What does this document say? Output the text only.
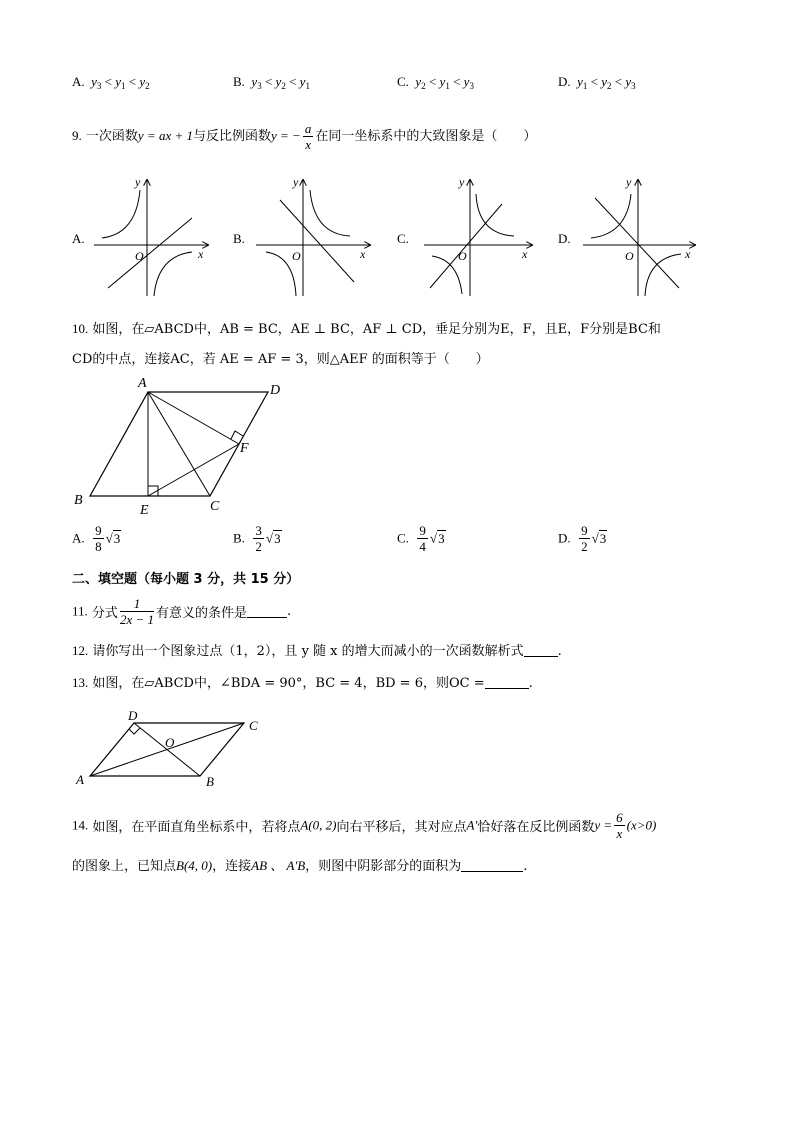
A. $y_3 < y_1 < y_2$	B. $y_3 < y_2 < y_1$	C. $y_2 < y_1 < y_3$	D. $y_1 < y_2 < y_3$
9. 一次函数y = ax + 1与反比例函数y = − $\frac{a}{x}$ 在同一坐标系中的大致图象是（　　）
A.
y
x
O
B.
y
x
O
C.
y
x
O
D.
y
x
O
10. 如图，在▱ABCD中，AB = BC，AE ⊥ BC，AF ⊥ CD，垂足分别为E，F，且E，F分别是BC和
CD的中点，连接AC，若 AE = AF = 3，则△AEF 的面积等于（　　）
A	D
F
B	C
E
A. $\frac{9}{8} √3$	B. $\frac{3}{2} √3$	C. $\frac{9}{4} √3$	D. $\frac{9}{2} √3$
二、填空题（每小题 3 分，共 15 分）
11. 分式 $\frac{1}{2x - 1}$ 有意义的条件是	.
12. 请你写出一个图象过点（1，2），且 y 随 x 的增大而减小的一次函数解析式	.
13. 如图，在▱ABCD中，∠BDA = 90°，BC = 4，BD = 6，则OC =	.
D
C
O
A	B
14. 如图，在平面直角坐标系中，若将点A(0, 2)向右平移后，其对应点A′恰好落在反比例函数$y = \frac{6}{x} (x>0)$
的图象上，已知点B(4, 0)，连接AB 、 A′B，则图中阴影部分的面积为	.
